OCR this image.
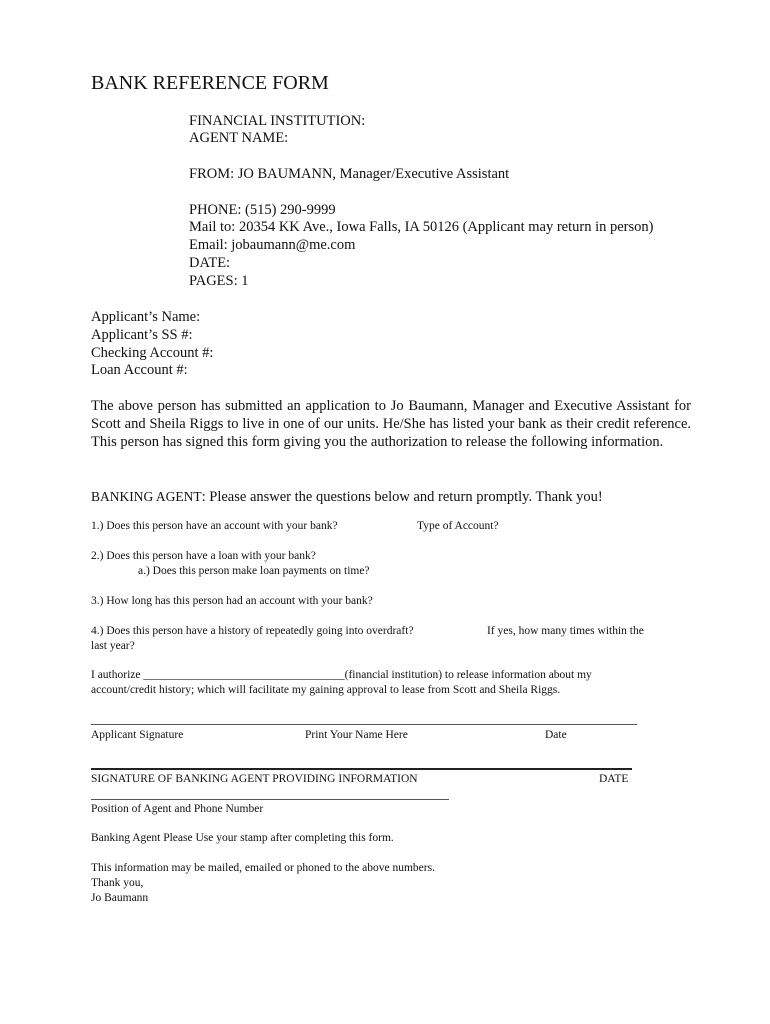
BANK REFERENCE FORM
FINANCIAL INSTITUTION:
AGENT NAME:
FROM: JO BAUMANN, Manager/Executive Assistant
PHONE: (515) 290-9999
Mail to: 20354 KK Ave., Iowa Falls, IA 50126 (Applicant may return in person)
Email: jobaumann@me.com
DATE:
PAGES: 1
Applicant’s Name:
Applicant’s SS #:
Checking Account #:
Loan Account #:
The above person has submitted an application to Jo Baumann, Manager and Executive Assistant for Scott and Sheila Riggs to live in one of our units. He/She has listed your bank as their credit reference. This person has signed this form giving you the authorization to release the following information.
BANKING AGENT: Please answer the questions below and return promptly. Thank you!
1.) Does this person have an account with your bank?	Type of Account?
2.) Does this person have a loan with your bank?
a.) Does this person make loan payments on time?
3.) How long has this person had an account with your bank?
4.) Does this person have a history of repeatedly going into overdraft?	If yes, how many times within the
last year?
I authorize ___________________________________(financial institution) to release information about my
account/credit history; which will facilitate my gaining approval to lease from Scott and Sheila Riggs.
Applicant Signature	Print Your Name Here	Date
SIGNATURE OF BANKING AGENT PROVIDING INFORMATION	DATE
Position of Agent and Phone Number
Banking Agent Please Use your stamp after completing this form.
This information may be mailed, emailed or phoned to the above numbers.
Thank you,
Jo Baumann
